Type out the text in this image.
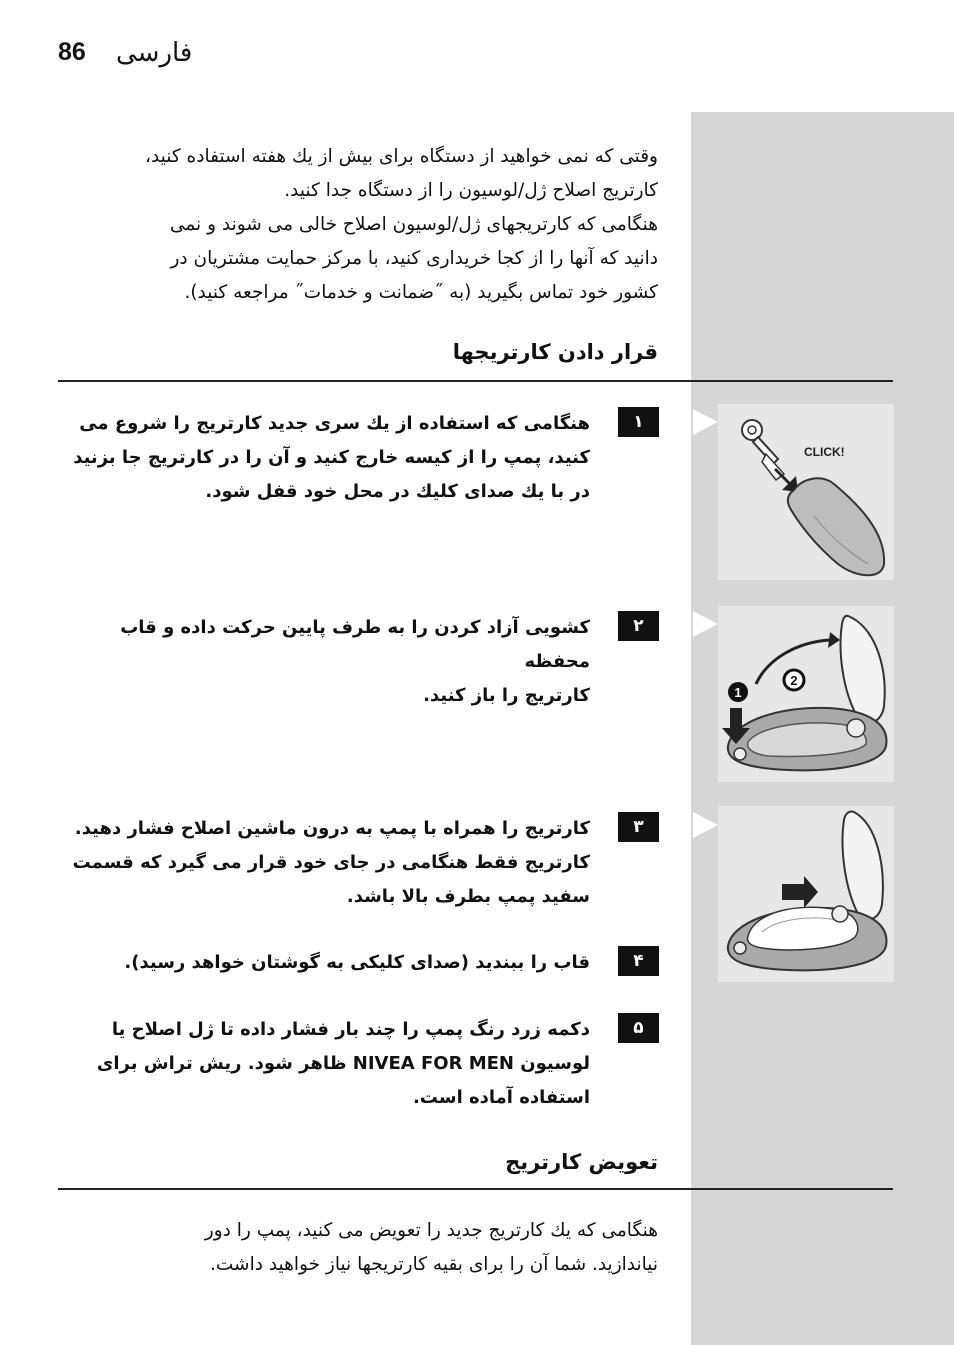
86 فارسی
وقتی که نمی خواهید از دستگاه برای بیش از یك هفته استفاده کنید،
کارتریج اصلاح ژل/لوسیون را از دستگاه جدا کنید.
هنگامی که کارتریجهای ژل/لوسیون اصلاح خالی می شوند و نمی
دانید که آنها را از کجا خریداری کنید، با مرکز حمایت مشتریان در
کشور خود تماس بگیرید (به ˝ضمانت و خدمات˝ مراجعه کنید).
قرار دادن کارتریجها
١
هنگامی که استفاده از یك سری جدید کارتریج را شروع می
کنید، پمپ را از کیسه خارج کنید و آن را در کارتریج جا بزنید
در با یك صدای کلیك در محل خود قفل شود.
٢
کشویی آزاد کردن را به طرف پایین حرکت داده و قاب محفظه
کارتریج را باز کنید.
٣
کارتریج را همراه با پمپ به درون ماشین اصلاح فشار دهید.
کارتریج فقط هنگامی در جای خود قرار می گیرد که قسمت
سفید پمپ بطرف بالا باشد.
۴
قاب را ببندید (صدای کلیکی به گوشتان خواهد رسید).
۵
دکمه زرد رنگ پمپ را چند بار فشار داده تا ژل اصلاح یا
لوسیون NIVEA FOR MEN ظاهر شود. ریش تراش برای
استفاده آماده است.
CLICK!
1
2
تعویض کارتریج
هنگامی که یك کارتریج جدید را تعویض می کنید، پمپ را دور
نیاندازید. شما آن را برای بقیه کارتریجها نیاز خواهید داشت.
